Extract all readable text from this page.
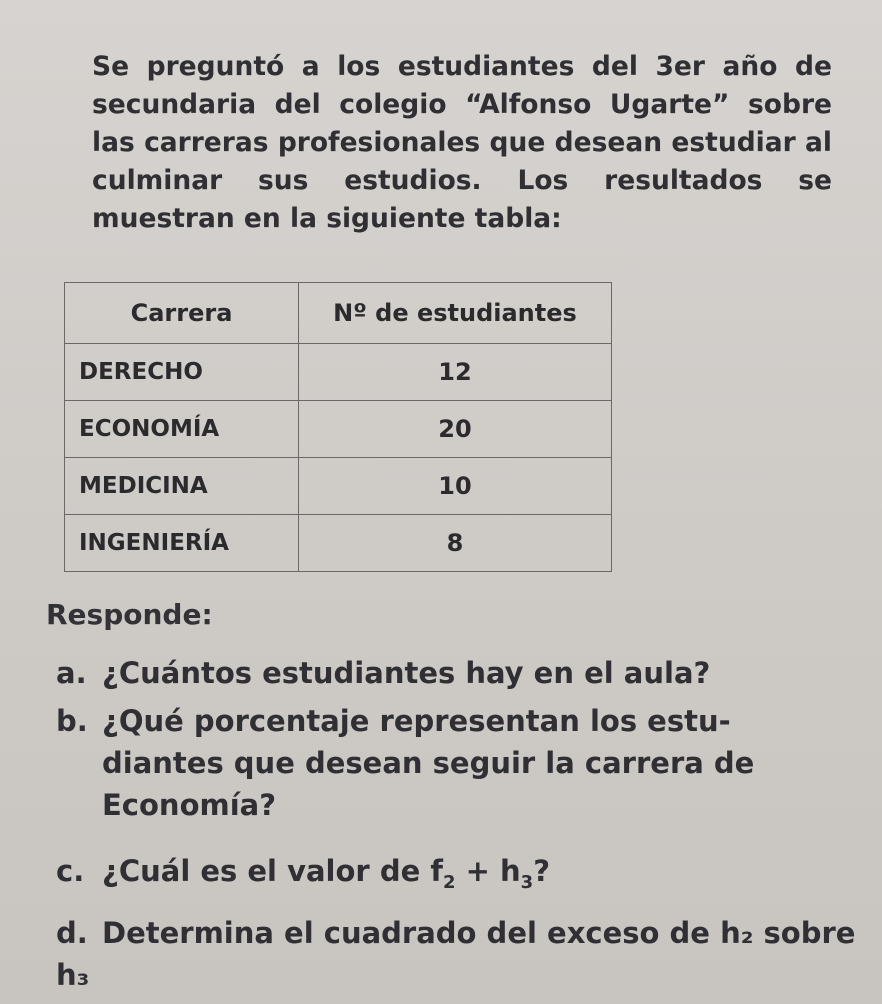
Se preguntó a los estudiantes del 3er año de secundaria del colegio “Alfonso Ugarte” sobre las carreras profesionales que desean estudiar al culminar sus estudios. Los resultados se muestran en la siguiente tabla:
Carrera	Nº de estudiantes
DERECHO	12
ECONOMÍA	20
MEDICINA	10
INGENIERÍA	8
Responde:
a. ¿Cuántos estudiantes hay en el aula?
b. ¿Qué porcentaje representan los estu-
diantes que desean seguir la carrera de
Economía?
c. ¿Cuál es el valor de $f_2 + h_3$?
d. Determina el cuadrado del exceso de h₂ sobre h₃
